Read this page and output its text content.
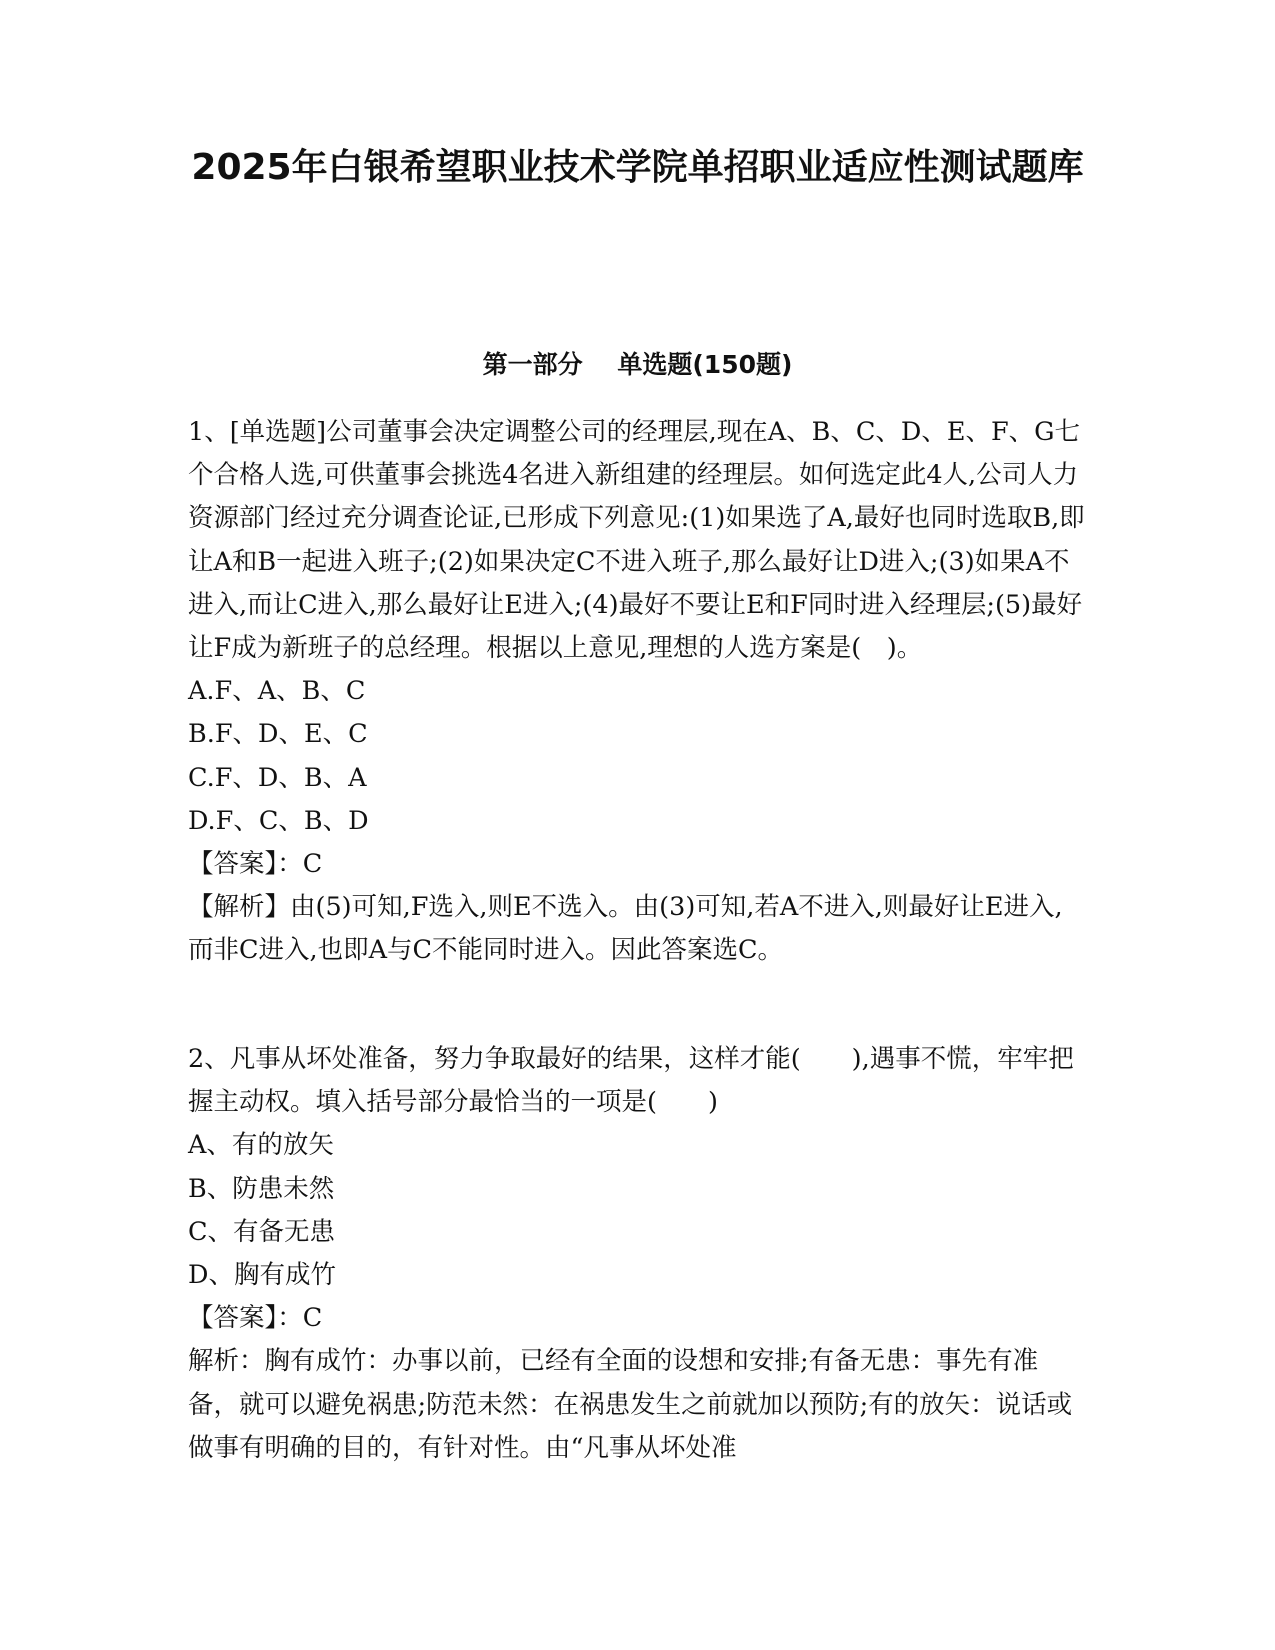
2025年白银希望职业技术学院单招职业适应性测试题库
第一部分    单选题(150题)

1、[单选题]公司董事会决定调整公司的经理层,现在A、B、C、D、E、F、G七个合格人选,可供董事会挑选4名进入新组建的经理层。如何选定此4人,公司人力资源部门经过充分调查论证,已形成下列意见:(1)如果选了A,最好也同时选取B,即让A和B一起进入班子;(2)如果决定C不进入班子,那么最好让D进入;(3)如果A不进入,而让C进入,那么最好让E进入;(4)最好不要让E和F同时进入经理层;(5)最好让F成为新班子的总经理。根据以上意见,理想的人选方案是(　)。

A.F、A、B、C

B.F、D、E、C

C.F、D、B、A

D.F、C、B、D

【答案】：C

【解析】由(5)可知,F选入,则E不选入。由(3)可知,若A不进入,则最好让E进入,而非C进入,也即A与C不能同时进入。因此答案选C。

2、凡事从坏处准备，努力争取最好的结果，这样才能(　　),遇事不慌，牢牢把握主动权。填入括号部分最恰当的一项是(　　)

A、有的放矢

B、防患未然

C、有备无患

D、胸有成竹

【答案】：C

解析：胸有成竹：办事以前，已经有全面的设想和安排;有备无患：事先有准备，就可以避免祸患;防范未然：在祸患发生之前就加以预防;有的放矢：说话或做事有明确的目的，有针对性。由“凡事从坏处准
